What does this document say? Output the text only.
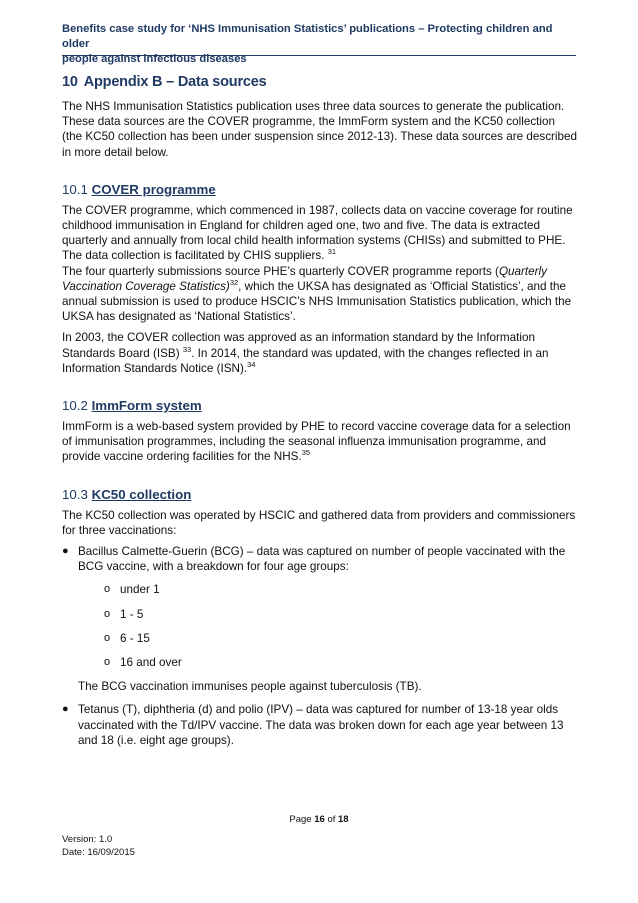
Benefits case study for ‘NHS Immunisation Statistics’ publications – Protecting children and older
people against infectious diseases
10 Appendix B – Data sources

The NHS Immunisation Statistics publication uses three data sources to generate the publication. These data sources are the COVER programme, the ImmForm system and the KC50 collection (the KC50 collection has been under suspension since 2012-13). These data sources are described in more detail below.

10.1 COVER programme

The COVER programme, which commenced in 1987, collects data on vaccine coverage for routine childhood immunisation in England for children aged one, two and five. The data is extracted quarterly and annually from local child health information systems (CHISs) and submitted to PHE. The data collection is facilitated by CHIS suppliers. $^{31}$
The four quarterly submissions source PHE’s quarterly COVER programme reports (Quarterly Vaccination Coverage Statistics)$^{32}$, which the UKSA has designated as ‘Official Statistics’, and the annual submission is used to produce HSCIC’s NHS Immunisation Statistics publication, which the UKSA has designated as ‘National Statistics’.

In 2003, the COVER collection was approved as an information standard by the Information Standards Board (ISB) $^{33}$. In 2014, the standard was updated, with the changes reflected in an Information Standards Notice (ISN).$^{34}$

10.2 ImmForm system

ImmForm is a web-based system provided by PHE to record vaccine coverage data for a selection of immunisation programmes, including the seasonal influenza immunisation programme, and provide vaccine ordering facilities for the NHS.$^{35}$

10.3 KC50 collection

The KC50 collection was operated by HSCIC and gathered data from providers and commissioners for three vaccinations:

● Bacillus Calmette-Guerin (BCG) – data was captured on number of people vaccinated with the BCG vaccine, with a breakdown for four age groups:
o under 1
o 1 - 5
o 6 - 15
o 16 and over

The BCG vaccination immunises people against tuberculosis (TB).

● Tetanus (T), diphtheria (d) and polio (IPV) – data was captured for number of 13-18 year olds vaccinated with the Td/IPV vaccine. The data was broken down for each age year between 13 and 18 (i.e. eight age groups).
Page 16 of 18
Version: 1.0
Date: 16/09/2015
